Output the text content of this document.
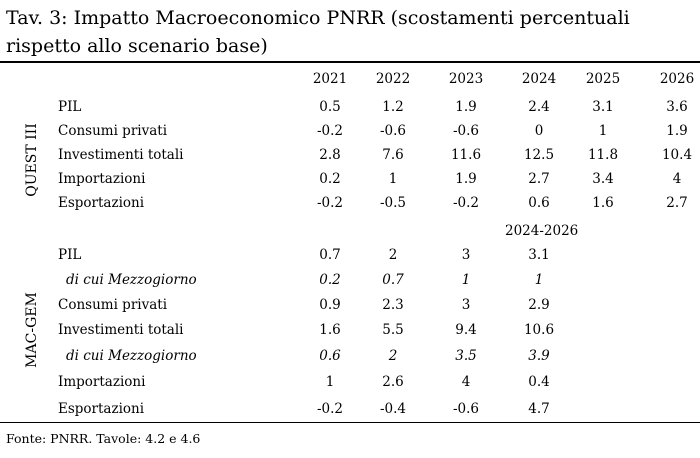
Tav. 3: Impatto Macroeconomico PNRR (scostamenti percentuali rispetto allo scenario base)
2021	2022	2023	2024	2025	2026
PIL	0.5	1.2	1.9	2.4	3.1	3.6
Consumi privati	-0.2	-0.6	-0.6	0	1	1.9
Investimenti totali	2.8	7.6	11.6	12.5	11.8	10.4
Importazioni	0.2	1	1.9	2.7	3.4	4
Esportazioni	-0.2	-0.5	-0.2	0.6	1.6	2.7
2024-2026
PIL	0.7	2	3	3.1
di cui Mezzogiorno	0.2	0.7	1	1
Consumi privati	0.9	2.3	3	2.9
Investimenti totali	1.6	5.5	9.4	10.6
di cui Mezzogiorno	0.6	2	3.5	3.9
Importazioni	1	2.6	4	0.4
Esportazioni	-0.2	-0.4	-0.6	4.7
QUEST III
MAC-GEM
Fonte: PNRR. Tavole: 4.2 e 4.6
